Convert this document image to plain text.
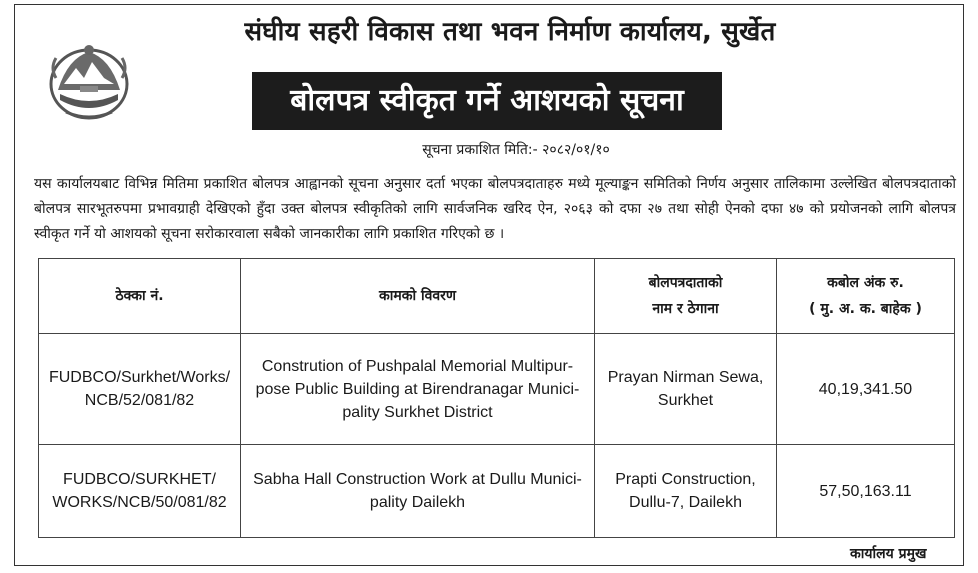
संघीय सहरी विकास तथा भवन निर्माण कार्यालय, सुर्खेत
बोलपत्र स्वीकृत गर्ने आशयको सूचना
सूचना प्रकाशित मिति:- २०८२/०१/१०
यस कार्यालयबाट विभिन्न मितिमा प्रकाशित बोलपत्र आह्वानको सूचना अनुसार दर्ता भएका बोलपत्रदाताहरु मध्ये मूल्याङ्कन समितिको निर्णय अनुसार तालिकामा उल्लेखित बोलपत्रदाताको बोलपत्र सारभूतरुपमा प्रभावग्राही देखिएको हुँदा उक्त बोलपत्र स्वीकृतिको लागि सार्वजनिक खरिद ऐन, २०६३ को दफा २७ तथा सोही ऐनको दफा ४७ को प्रयोजनको लागि बोलपत्र स्वीकृत गर्ने यो आशयको सूचना सरोकारवाला सबैको जानकारीका लागि प्रकाशित गरिएको छ ।
ठेक्का नं.	कामको विवरण	बोलपत्रदाताको
नाम र ठेगाना	कबोल अंक रु.
( मु. अ. क. बाहेक )
FUDBCO/Surkhet/Works/
NCB/52/081/82	Constrution of Pushpalal Memorial Multipur-
pose Public Building at Birendranagar Munici-
pality Surkhet District	Prayan Nirman Sewa,
Surkhet	40,19,341.50
FUDBCO/SURKHET/
WORKS/NCB/50/081/82	Sabha Hall Construction Work at Dullu Munici-
pality Dailekh	Prapti Construction,
Dullu-7, Dailekh	57,50,163.11
कार्यालय प्रमुख
